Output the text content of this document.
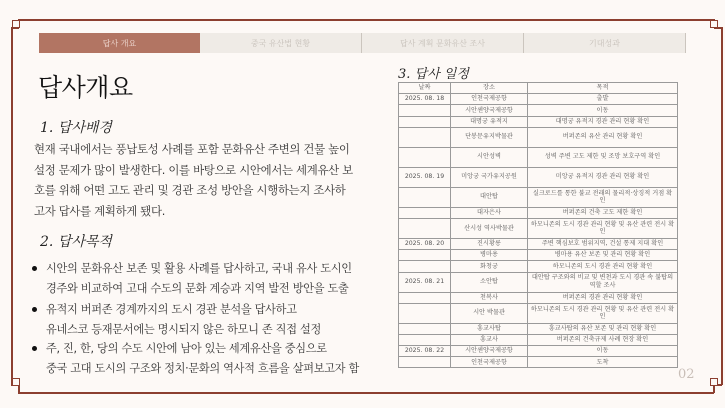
답사 개요	중국 유산법 현황	답사 계획 문화유산 조사	기대성과
답사개요
1. 답사배경
현재 국내에서는 풍납토성 사례를 포함 문화유산 주변의 건물 높이
설정 문제가 많이 발생한다. 이를 바탕으로 시안에서는 세계유산 보
호를 위해 어떤 고도 관리 및 경관 조성 방안을 시행하는지 조사하
고자 답사를 계획하게 됐다.
2. 답사목적
시안의 문화유산 보존 및 활용 사례를 답사하고, 국내 유사 도시인
경주와 비교하여 고대 수도의 문화 계승과 지역 발전 방안을 도출
유적지 버퍼존 경계까지의 도시 경관 분석을 답사하고
유네스코 등재문서에는 명시되지 않은 하모니 존 직접 설정
주, 진, 한, 당의 수도 시안에 남아 있는 세계유산을 중심으로
중국 고대 도시의 구조와 정치·문화의 역사적 흐름을 살펴보고자 함
3. 답사 일정
날짜	장소	목적
2025. 08. 18	인천국제공항	출발
	시안셴양국제공항	이동
	대명궁 유적지	대명궁 유적지 경관 관리 현황 확인
	단봉문유지박물관	버퍼존의 유산 관리 현황 확인
	시안성벽	성벽 주변 고도 제한 및 조망 보호구역 확인
2025. 08. 19	미앙궁 국가유지공원	미앙궁 유적지 경관 관리 현황 확인
	대안탑	실크로드를 통한 불교 전래의 물리적·상징적 거점 확인
	대자은사	버퍼존의 건축 고도 제한 확인
	산시성 역사박물관	하모니존의 도시 경관 관리 현황 및 유산 관련 전시 확인
2025. 08. 20	진시황릉	주변 핵심보호 범위지역, 건설 통제 지대 확인
	병마용	병마용 유산 보존 및 관리 현황 확인
	화청궁	하모니존의 도시 경관 관리 현황 확인
2025. 08. 21	소안탑	대안탑 구조와의 비교 및 변천과 도시 경관 속 불탑의 역할 조사
	천복사	버퍼존의 경관 관리 현황 확인
	시안 박물관	하모니존의 도시 경관 관리 현황 및 유산 관련 전시 확인
	흥교사탑	흥교사탑의 유산 보존 및 관리 현황 확인
	흥교사	버퍼존의 건축규제 사례 현장 확인
2025. 08. 22	시안셴양국제공항	이동
	인천국제공항	도착
02
